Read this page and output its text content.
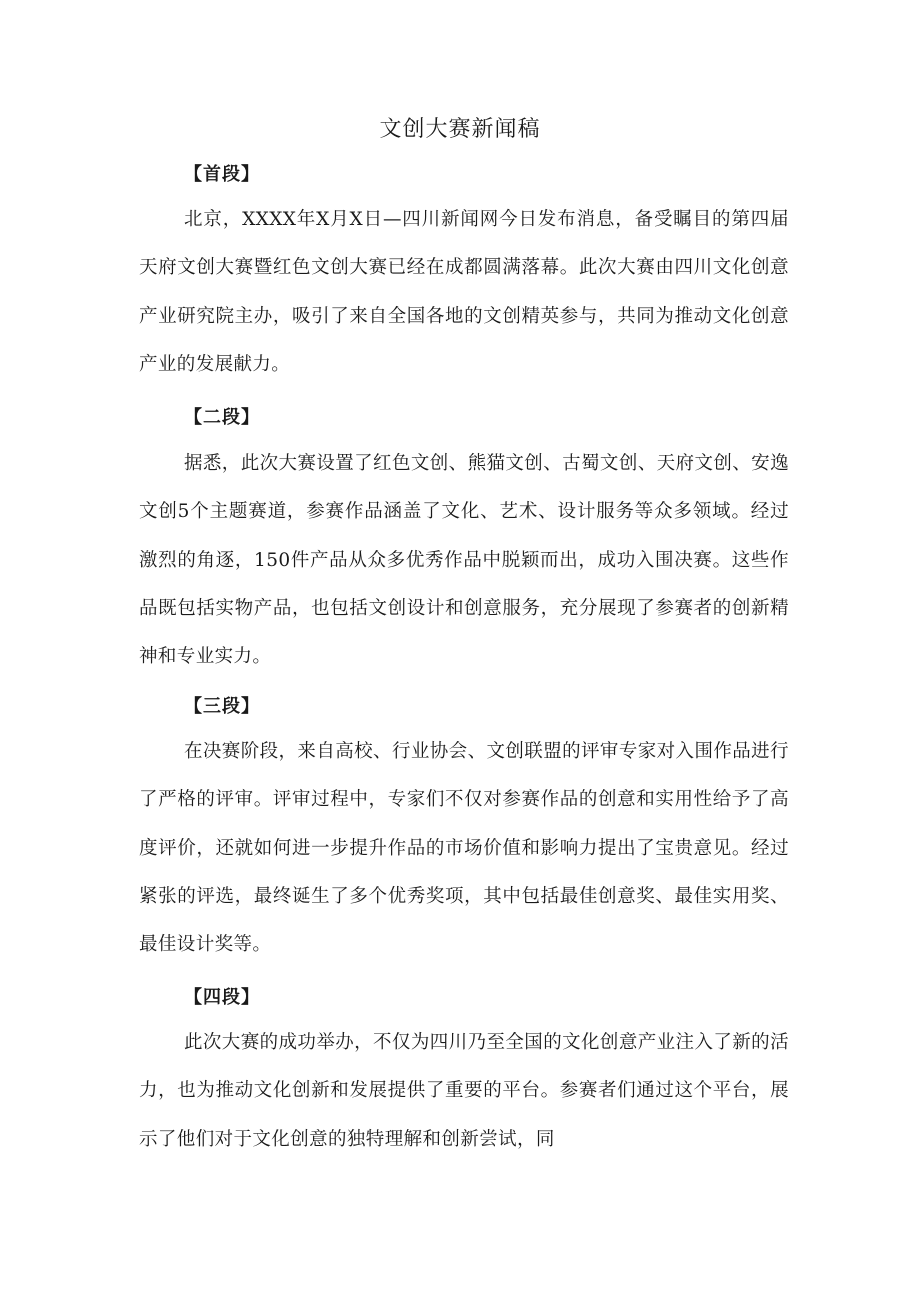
文创大赛新闻稿
【首段】

北京，XXXX年X月X日—四川新闻网今日发布消息，备受瞩目的第四届天府文创大赛暨红色文创大赛已经在成都圆满落幕。此次大赛由四川文化创意产业研究院主办，吸引了来自全国各地的文创精英参与，共同为推动文化创意产业的发展献力。

【二段】

据悉，此次大赛设置了红色文创、熊猫文创、古蜀文创、天府文创、安逸文创5个主题赛道，参赛作品涵盖了文化、艺术、设计服务等众多领域。经过激烈的角逐，150件产品从众多优秀作品中脱颖而出，成功入围决赛。这些作品既包括实物产品，也包括文创设计和创意服务，充分展现了参赛者的创新精神和专业实力。

【三段】

在决赛阶段，来自高校、行业协会、文创联盟的评审专家对入围作品进行了严格的评审。评审过程中，专家们不仅对参赛作品的创意和实用性给予了高度评价，还就如何进一步提升作品的市场价值和影响力提出了宝贵意见。经过紧张的评选，最终诞生了多个优秀奖项，其中包括最佳创意奖、最佳实用奖、最佳设计奖等。

【四段】

此次大赛的成功举办，不仅为四川乃至全国的文化创意产业注入了新的活力，也为推动文化创新和发展提供了重要的平台。参赛者们通过这个平台，展示了他们对于文化创意的独特理解和创新尝试，同
